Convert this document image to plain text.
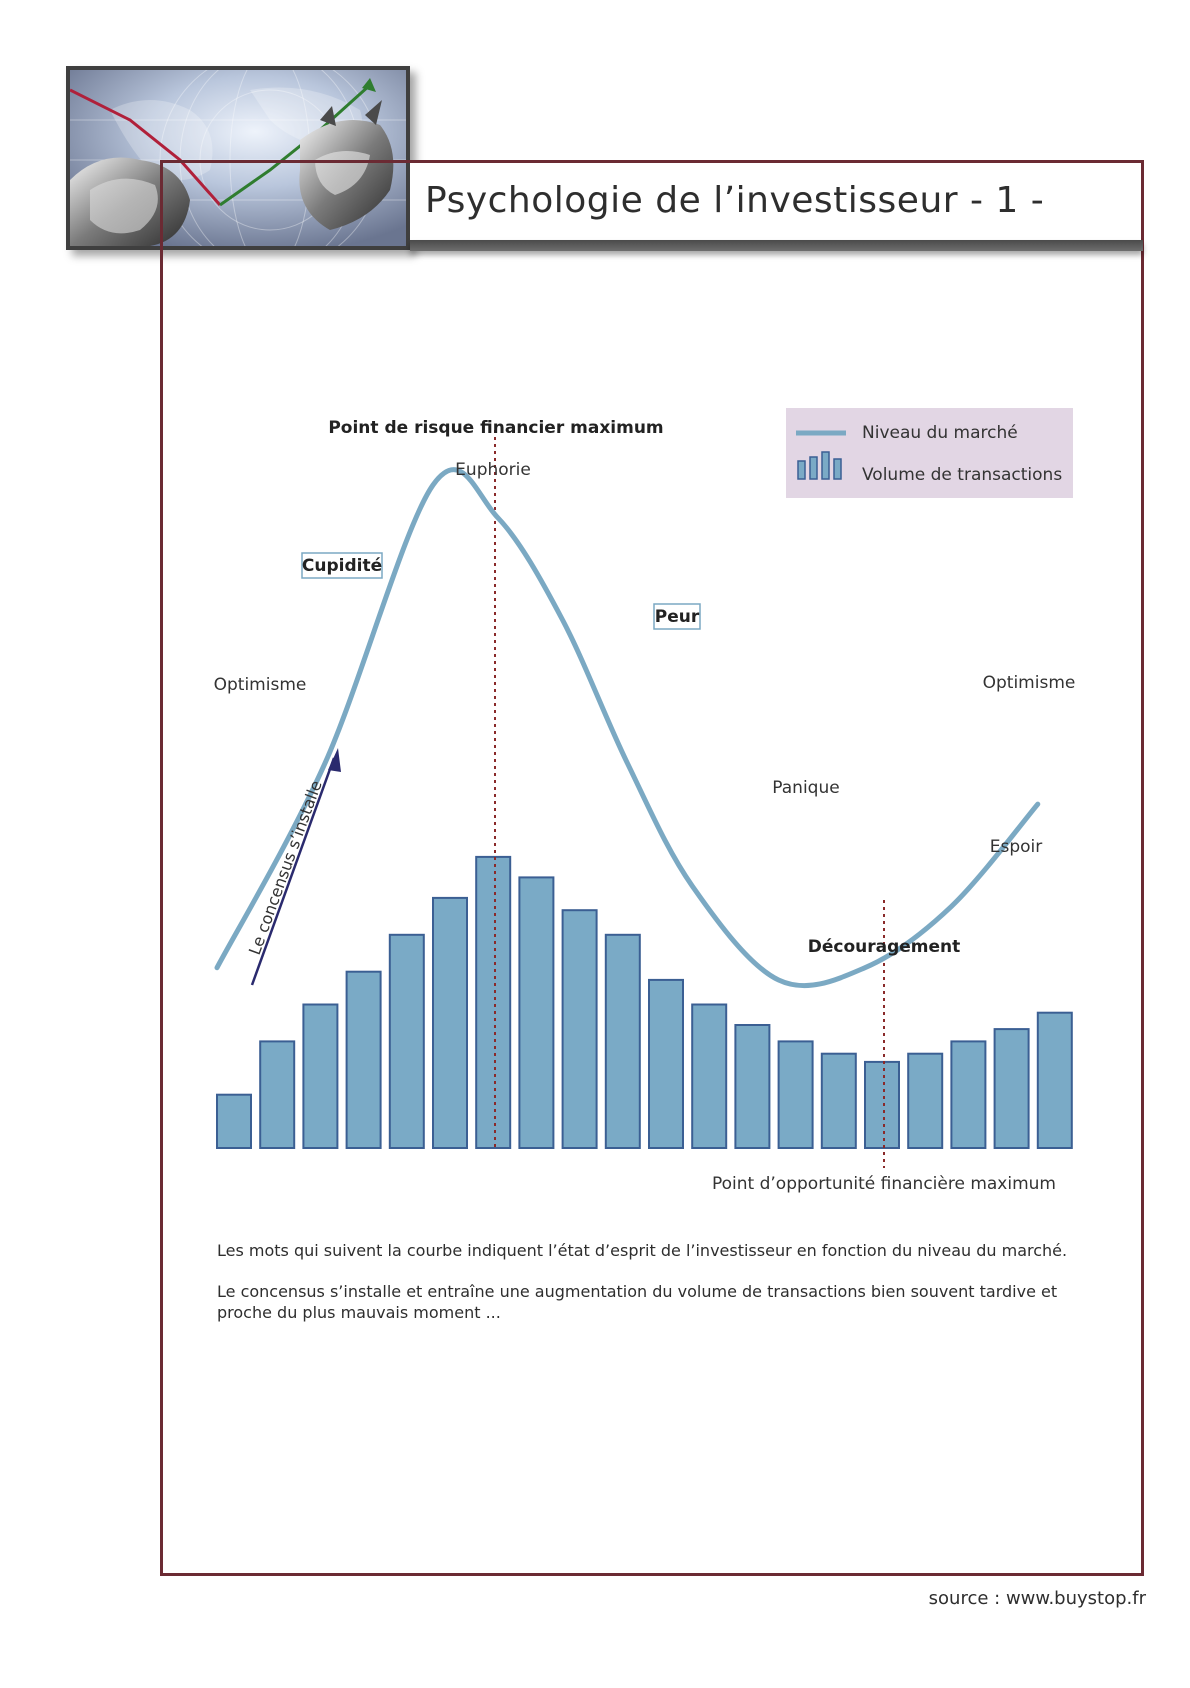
Psychologie de l’investisseur - 1 -
Niveau du marché
Volume de transactions
Le concensus s’installe
Point de risque financier maximum
Point d’opportunité financière maximum
Euphorie
Cupidité
Peur
Optimisme	Optimisme
Panique
Espoir
Découragement
Les mots qui suivent la courbe indiquent l’état d’esprit de l’investisseur en fonction du niveau du marché.
Le concensus s’installe et entraîne une augmentation du volume de transactions bien souvent tardive et proche du plus mauvais moment ...
source : www.buystop.fr
